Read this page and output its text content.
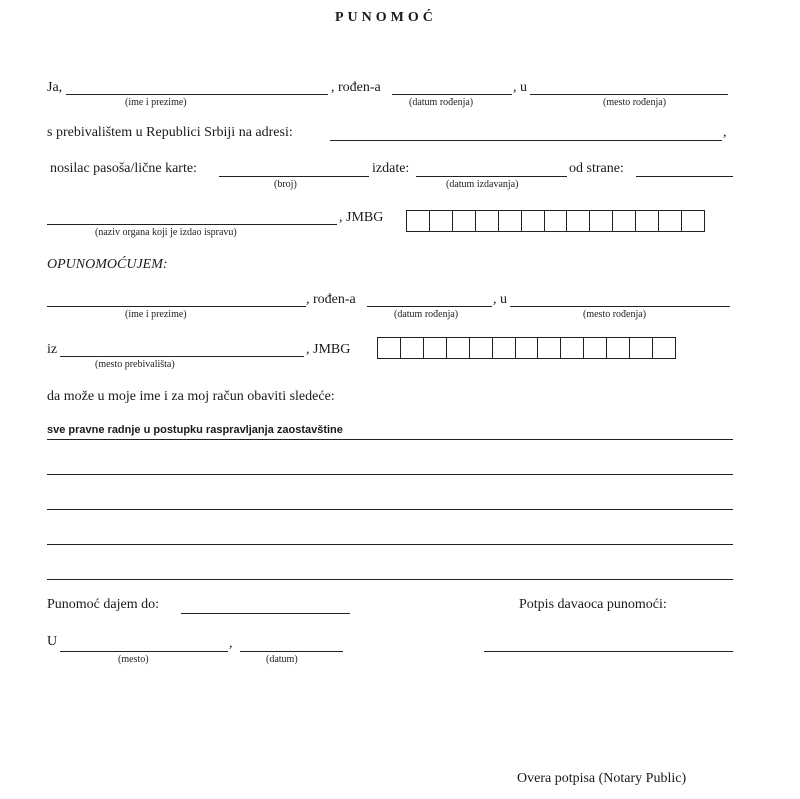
PUNOMOĆ
Ja,
(ime i prezime)
, rođen-a
(datum rođenja)
, u
(mesto rođenja)
s prebivalištem u Republici Srbiji na adresi:	,
nosilac pasoša/lične karte:
(broj)
izdate:
(datum izdavanja)
od strane:
(naziv organa koji je izdao ispravu)
, JMBG
OPUNOMOĆUJEM:
(ime i prezime)
, rođen-a
(datum rođenja)
, u
(mesto rođenja)
iz
(mesto prebivališta)
, JMBG
da može u moje ime i za moj račun obaviti sledeće:
sve pravne radnje u postupku raspravljanja zaostavštine
Punomoć dajem do:	Potpis davaoca punomoći:
U
(mesto)
,
(datum)
Overa potpisa (Notary Public)
